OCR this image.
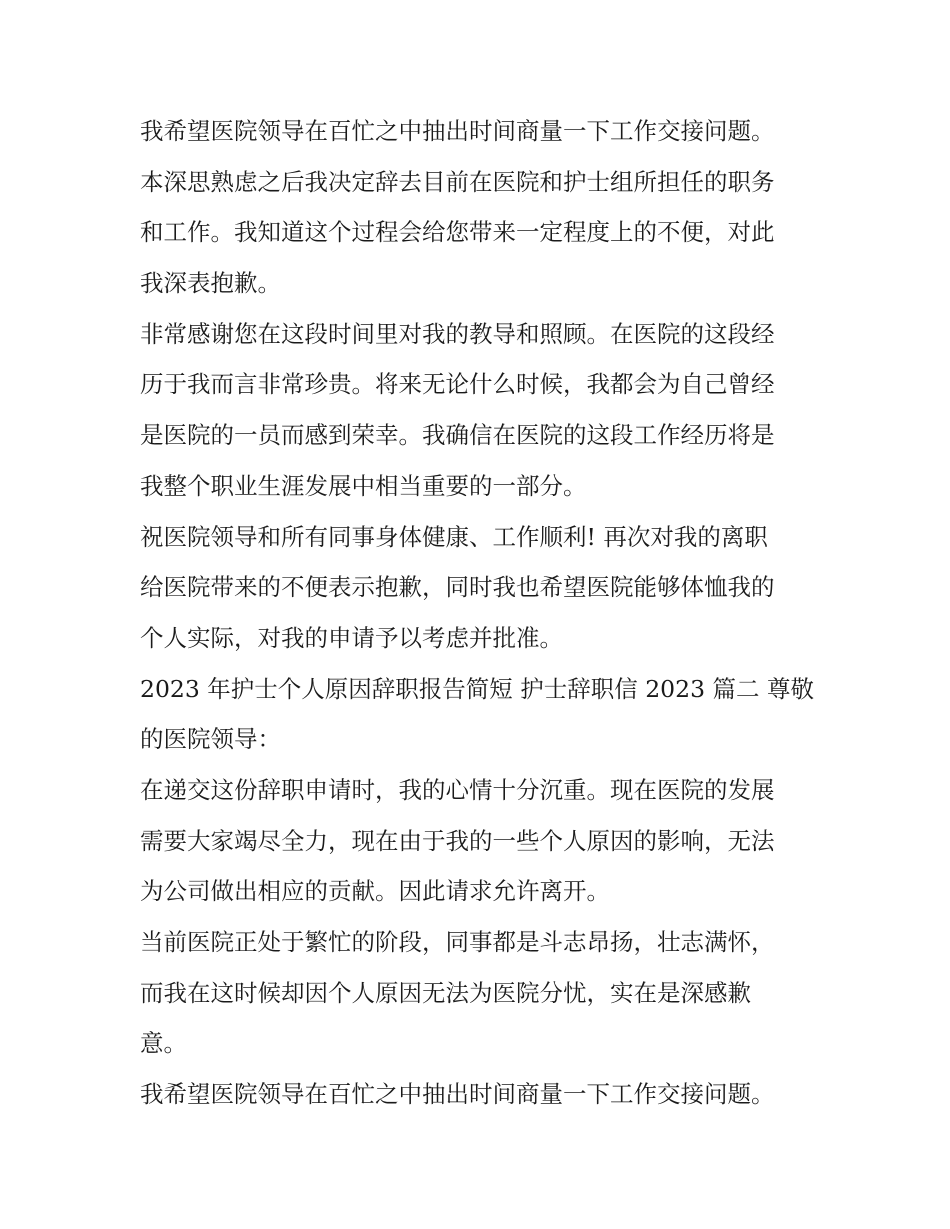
我希望医院领导在百忙之中抽出时间商量一下工作交接问题。
本深思熟虑之后我决定辞去目前在医院和护士组所担任的职务
和工作。我知道这个过程会给您带来一定程度上的不便，对此
我深表抱歉。
非常感谢您在这段时间里对我的教导和照顾。在医院的这段经
历于我而言非常珍贵。将来无论什么时候，我都会为自己曾经
是医院的一员而感到荣幸。我确信在医院的这段工作经历将是
我整个职业生涯发展中相当重要的一部分。
祝医院领导和所有同事身体健康、工作顺利! 再次对我的离职
给医院带来的不便表示抱歉，同时我也希望医院能够体恤我的
个人实际，对我的申请予以考虑并批准。
2023 年护士个人原因辞职报告简短 护士辞职信 2023 篇二 尊敬
的医院领导：
在递交这份辞职申请时，我的心情十分沉重。现在医院的发展
需要大家竭尽全力，现在由于我的一些个人原因的影响，无法
为公司做出相应的贡献。因此请求允许离开。
当前医院正处于繁忙的阶段，同事都是斗志昂扬，壮志满怀，
而我在这时候却因个人原因无法为医院分忧，实在是深感歉
意。
我希望医院领导在百忙之中抽出时间商量一下工作交接问题。
